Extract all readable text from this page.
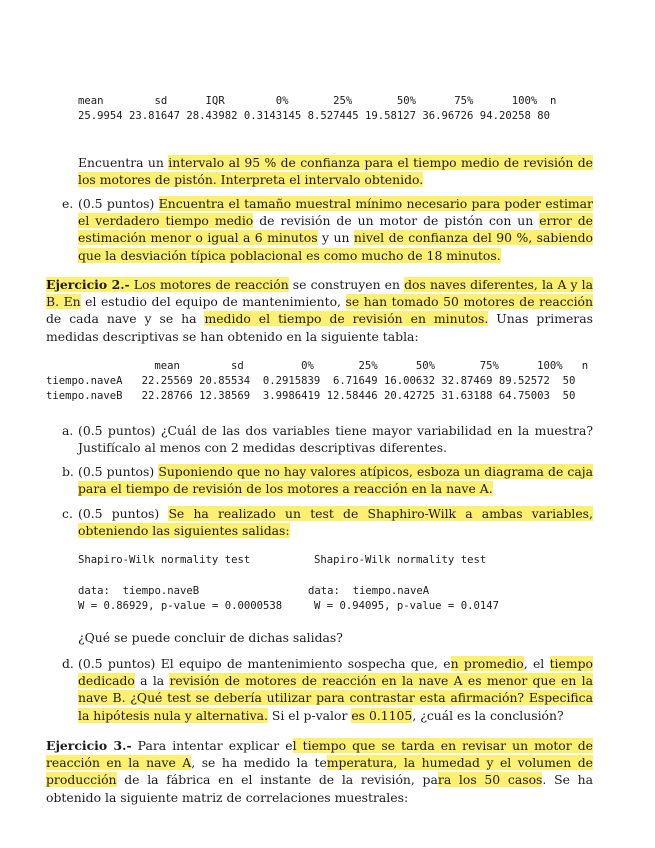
mean        sd      IQR        0%       25%       50%      75%      100%  n
25.9954 23.81647 28.43982 0.3143145 8.527445 19.58127 36.96726 94.20258 80
Encuentra un intervalo al 95 % de confianza para el tiempo medio de revisión de los motores de pistón. Interpreta el intervalo obtenido.
e. (0.5 puntos) Encuentra el tamaño muestral mínimo necesario para poder estimar el verdadero tiempo medio de revisión de un motor de pistón con un error de estimación menor o igual a 6 minutos y un nivel de confianza del 90 %, sabiendo que la desviación típica poblacional es como mucho de 18 minutos.
Ejercicio 2.- Los motores de reacción se construyen en dos naves diferentes, la A y la B. En el estudio del equipo de mantenimiento, se han tomado 50 motores de reacción de cada nave y se ha medido el tiempo de revisión en minutos. Unas primeras medidas descriptivas se han obtenido en la siguiente tabla:
mean        sd         0%       25%      50%       75%      100%   n
tiempo.naveA   22.25569 20.85534  0.2915839  6.71649 16.00632 32.87469 89.52572  50
tiempo.naveB   22.28766 12.38569  3.9986419 12.58446 20.42725 31.63188 64.75003  50
a. (0.5 puntos) ¿Cuál de las dos variables tiene mayor variabilidad en la muestra? Justifícalo al menos con 2 medidas descriptivas diferentes.
b. (0.5 puntos) Suponiendo que no hay valores atípicos, esboza un diagrama de caja para el tiempo de revisión de los motores a reacción en la nave A.
c. (0.5 puntos) Se ha realizado un test de Shaphiro-Wilk a ambas variables, obteniendo las siguientes salidas:
Shapiro-Wilk normality test	Shapiro-Wilk normality test
data:  tiempo.naveB	data:  tiempo.naveA
W = 0.86929, p-value = 0.0000538	W = 0.94095, p-value = 0.0147
¿Qué se puede concluir de dichas salidas?
d. (0.5 puntos) El equipo de mantenimiento sospecha que, en promedio, el tiempo dedicado a la revisión de motores de reacción en la nave A es menor que en la nave B. ¿Qué test se debería utilizar para contrastar esta afirmación? Especifica la hipótesis nula y alternativa. Si el p-valor es 0.1105, ¿cuál es la conclusión?
Ejercicio 3.- Para intentar explicar el tiempo que se tarda en revisar un motor de reacción en la nave A, se ha medido la temperatura, la humedad y el volumen de producción de la fábrica en el instante de la revisión, para los 50 casos. Se ha obtenido la siguiente matriz de correlaciones muestrales:
